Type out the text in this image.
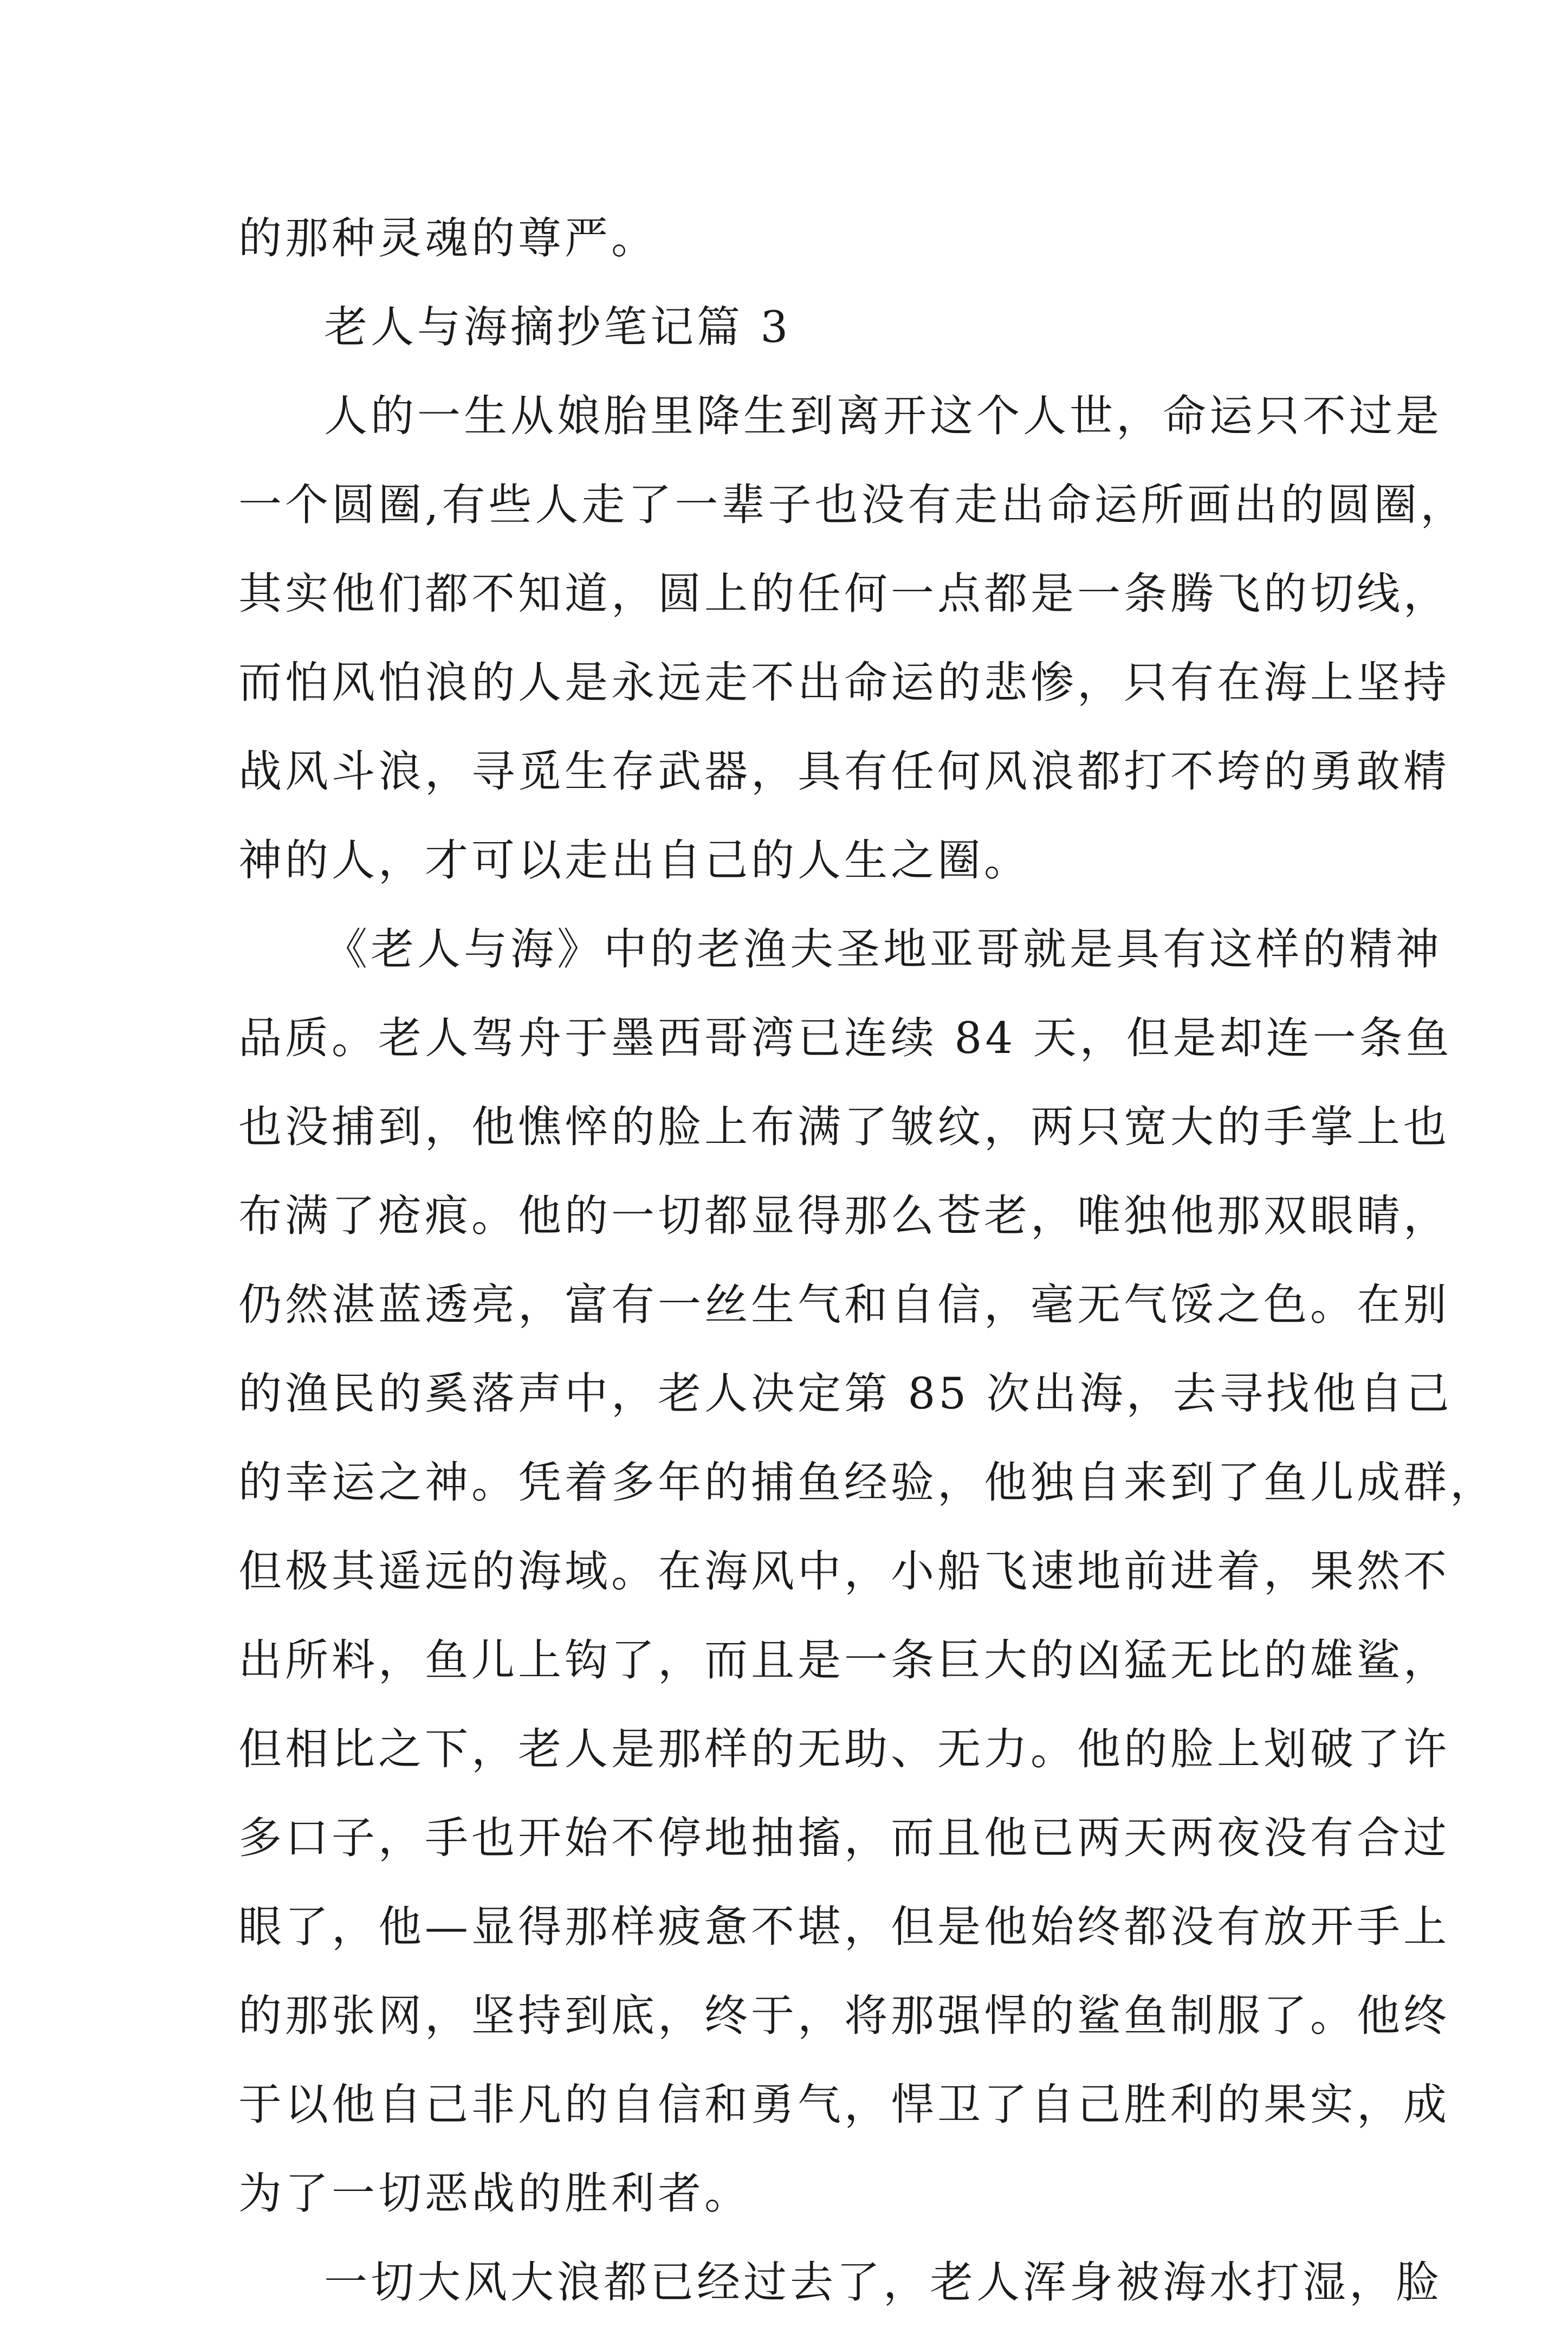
的那种灵魂的尊严。
老人与海摘抄笔记篇 3
人的一生从娘胎里降生到离开这个人世，命运只不过是
一个圆圈,有些人走了一辈子也没有走出命运所画出的圆圈，
其实他们都不知道，圆上的任何一点都是一条腾飞的切线，
而怕风怕浪的人是永远走不出命运的悲惨，只有在海上坚持
战风斗浪，寻觅生存武器，具有任何风浪都打不垮的勇敢精
神的人，才可以走出自己的人生之圈。
《老人与海》中的老渔夫圣地亚哥就是具有这样的精神
品质。老人驾舟于墨西哥湾已连续 84 天，但是却连一条鱼
也没捕到，他憔悴的脸上布满了皱纹，两只宽大的手掌上也
布满了疮痕。他的一切都显得那么苍老，唯独他那双眼睛，
仍然湛蓝透亮，富有一丝生气和自信，毫无气馁之色。在别
的渔民的奚落声中，老人决定第 85 次出海，去寻找他自己
的幸运之神。凭着多年的捕鱼经验，他独自来到了鱼儿成群，
但极其遥远的海域。在海风中，小船飞速地前进着，果然不
出所料，鱼儿上钩了，而且是一条巨大的凶猛无比的雄鲨，
但相比之下，老人是那样的无助、无力。他的脸上划破了许
多口子，手也开始不停地抽搐，而且他已两天两夜没有合过
眼了，他—显得那样疲惫不堪，但是他始终都没有放开手上
的那张网，坚持到底，终于，将那强悍的鲨鱼制服了。他终
于以他自己非凡的自信和勇气，悍卫了自己胜利的果实，成
为了一切恶战的胜利者。
一切大风大浪都已经过去了，老人浑身被海水打湿，脸
